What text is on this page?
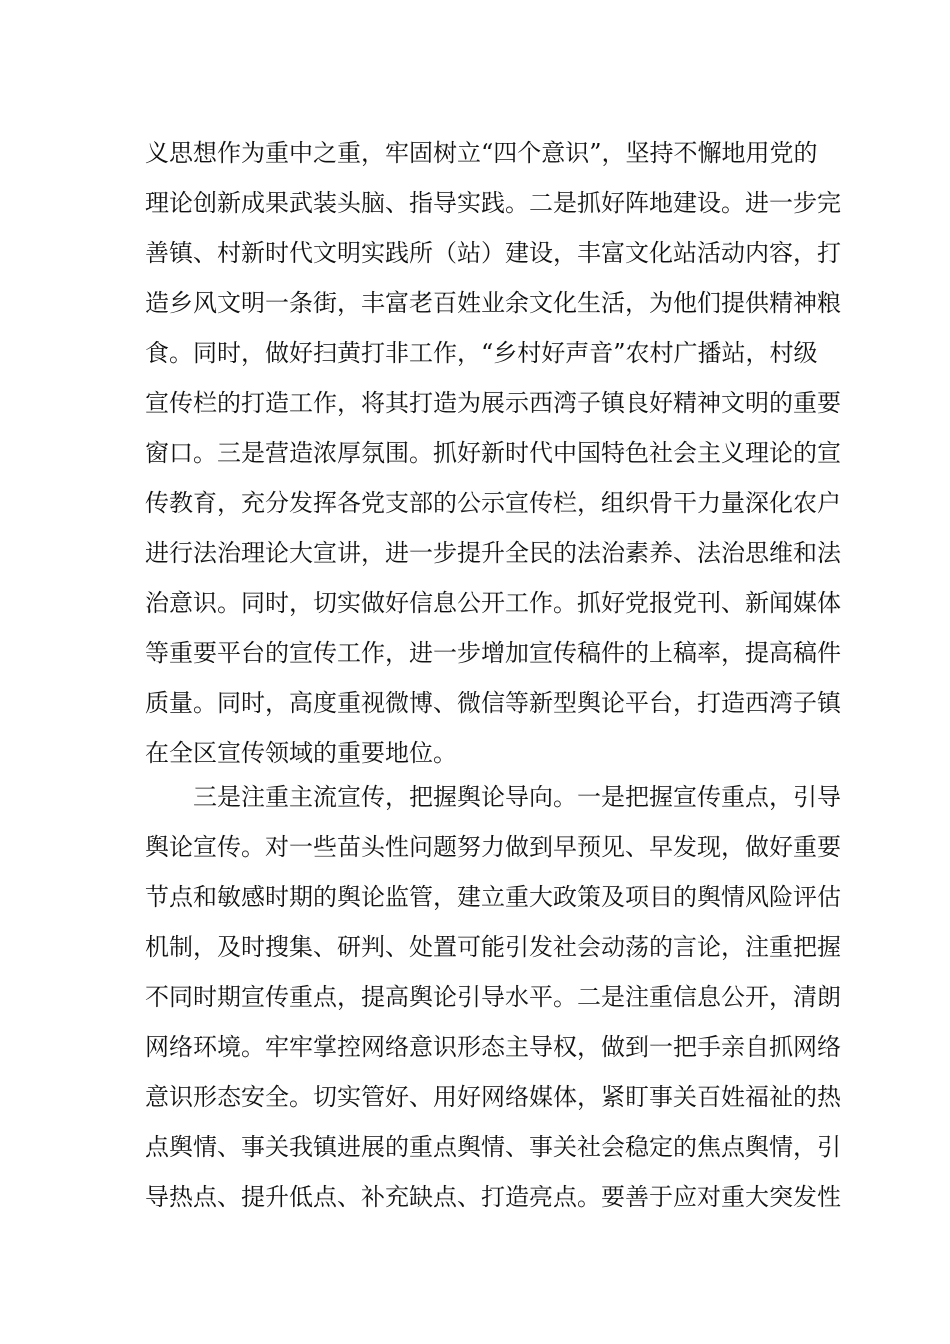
义思想作为重中之重，牢固树立“四个意识”，坚持不懈地用党的
理论创新成果武装头脑、指导实践。二是抓好阵地建设。进一步完
善镇、村新时代文明实践所（站）建设，丰富文化站活动内容，打
造乡风文明一条街，丰富老百姓业余文化生活，为他们提供精神粮
食。同时，做好扫黄打非工作，“乡村好声音”农村广播站，村级
宣传栏的打造工作，将其打造为展示西湾子镇良好精神文明的重要
窗口。三是营造浓厚氛围。抓好新时代中国特色社会主义理论的宣
传教育，充分发挥各党支部的公示宣传栏，组织骨干力量深化农户
进行法治理论大宣讲，进一步提升全民的法治素养、法治思维和法
治意识。同时，切实做好信息公开工作。抓好党报党刊、新闻媒体
等重要平台的宣传工作，进一步增加宣传稿件的上稿率，提高稿件
质量。同时，高度重视微博、微信等新型舆论平台，打造西湾子镇
在全区宣传领域的重要地位。
　　三是注重主流宣传，把握舆论导向。一是把握宣传重点，引导
舆论宣传。对一些苗头性问题努力做到早预见、早发现，做好重要
节点和敏感时期的舆论监管，建立重大政策及项目的舆情风险评估
机制，及时搜集、研判、处置可能引发社会动荡的言论，注重把握
不同时期宣传重点，提高舆论引导水平。二是注重信息公开，清朗
网络环境。牢牢掌控网络意识形态主导权，做到一把手亲自抓网络
意识形态安全。切实管好、用好网络媒体，紧盯事关百姓福祉的热
点舆情、事关我镇进展的重点舆情、事关社会稳定的焦点舆情，引
导热点、提升低点、补充缺点、打造亮点。要善于应对重大突发性
